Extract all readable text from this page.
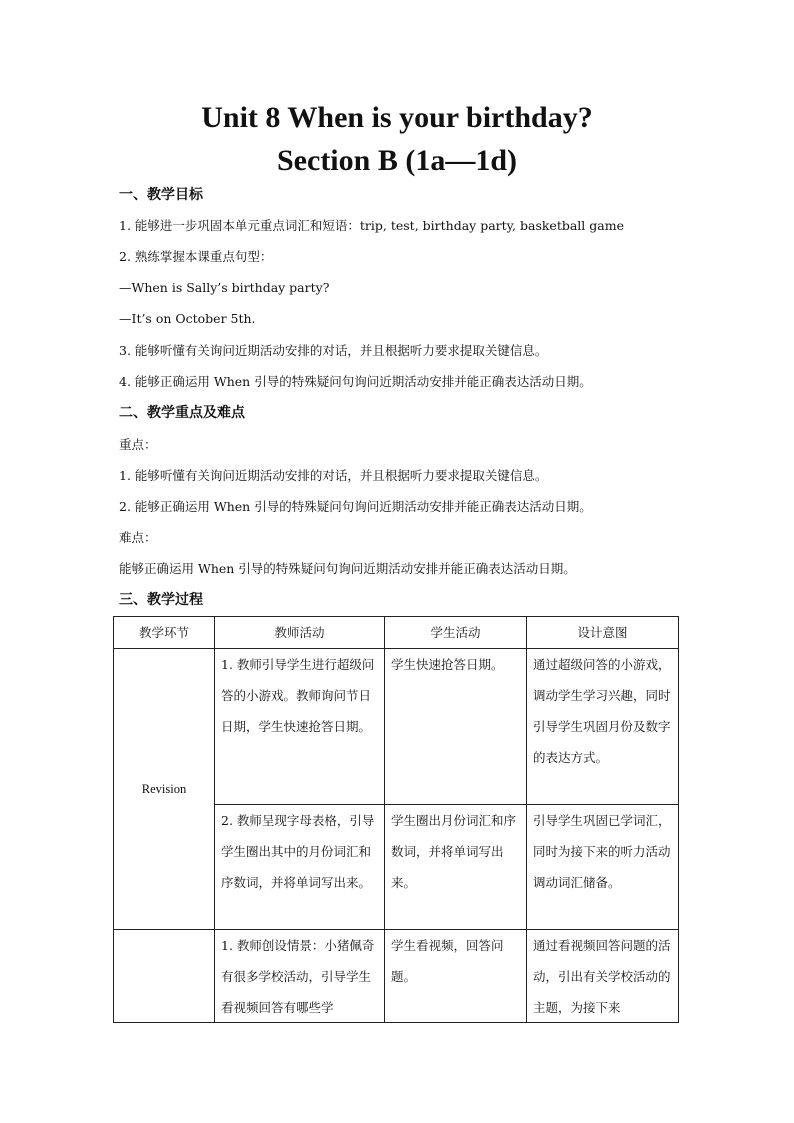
Unit 8 When is your birthday?
Section B (1a—1d)
一、教学目标
1. 能够进一步巩固本单元重点词汇和短语：trip, test, birthday party, basketball game
2. 熟练掌握本课重点句型：
—When is Sally’s birthday party?
—It’s on October 5th.
3. 能够听懂有关询问近期活动安排的对话，并且根据听力要求提取关键信息。
4. 能够正确运用 When 引导的特殊疑问句询问近期活动安排并能正确表达活动日期。
二、教学重点及难点
重点：
1. 能够听懂有关询问近期活动安排的对话，并且根据听力要求提取关键信息。
2. 能够正确运用 When 引导的特殊疑问句询问近期活动安排并能正确表达活动日期。
难点：
能够正确运用 When 引导的特殊疑问句询问近期活动安排并能正确表达活动日期。
三、教学过程
教学环节	教师活动	学生活动	设计意图
Revision	1. 教师引导学生进行超级问答的小游戏。教师询问节日日期，学生快速抢答日期。	学生快速抢答日期。	通过超级问答的小游戏，调动学生学习兴趣，同时引导学生巩固月份及数字的表达方式。
	2. 教师呈现字母表格，引导学生圈出其中的月份词汇和序数词，并将单词写出来。	学生圈出月份词汇和序数词，并将单词写出来。	引导学生巩固已学词汇，同时为接下来的听力活动调动词汇储备。

	1. 教师创设情景：小猪佩奇有很多学校活动，引导学生看视频回答有哪些学	学生看视频，回答问题。	通过看视频回答问题的活动，引出有关学校活动的主题，为接下来
